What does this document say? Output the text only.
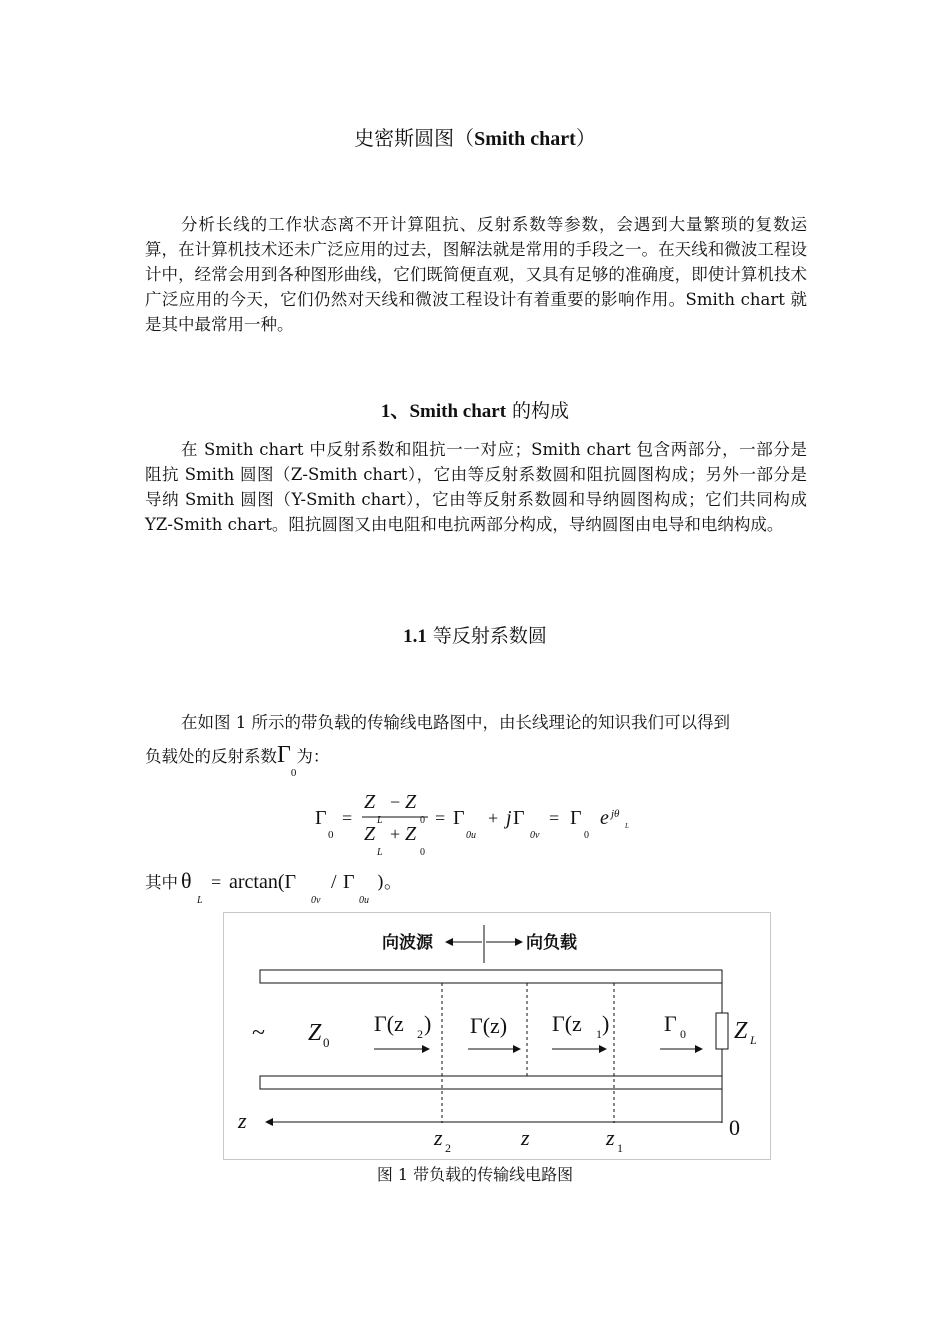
史密斯圆图（Smith chart）
分析长线的工作状态离不开计算阻抗、反射系数等参数，会遇到大量繁琐的复数运算，在计算机技术还未广泛应用的过去，图解法就是常用的手段之一。在天线和微波工程设计中，经常会用到各种图形曲线，它们既简便直观，又具有足够的准确度，即使计算机技术广泛应用的今天，它们仍然对天线和微波工程设计有着重要的影响作用。Smith chart 就是其中最常用一种。
1、Smith chart 的构成
在 Smith chart 中反射系数和阻抗一一对应；Smith chart 包含两部分，一部分是阻抗 Smith 圆图（Z-Smith chart），它由等反射系数圆和阻抗圆图构成；另外一部分是导纳 Smith 圆图（Y-Smith chart），它由等反射系数圆和导纳圆图构成；它们共同构成　YZ-Smith chart。阻抗圆图又由电阻和电抗两部分构成，导纳圆图由电导和电纳构成。
1.1 等反射系数圆
在如图 1 所示的带负载的传输线电路图中，由长线理论的知识我们可以得到
负载处的反射系数$\Gamma_0$为：
Γ
0
=
Z
L
− Z
0
Z
L
+ Z
0
= Γ
0u
+ j Γ
0v
= Γ
0
e jθ
L
其中 θ
L
= arctan(Γ
0v
/ Γ
0u
)。
向波源	向负载
~ Z 0
Γ(z 2 ) Γ(z) Γ(z 1 ) Γ 0 Z L
z	0
z 2	z	z 1
图 1 带负载的传输线电路图
